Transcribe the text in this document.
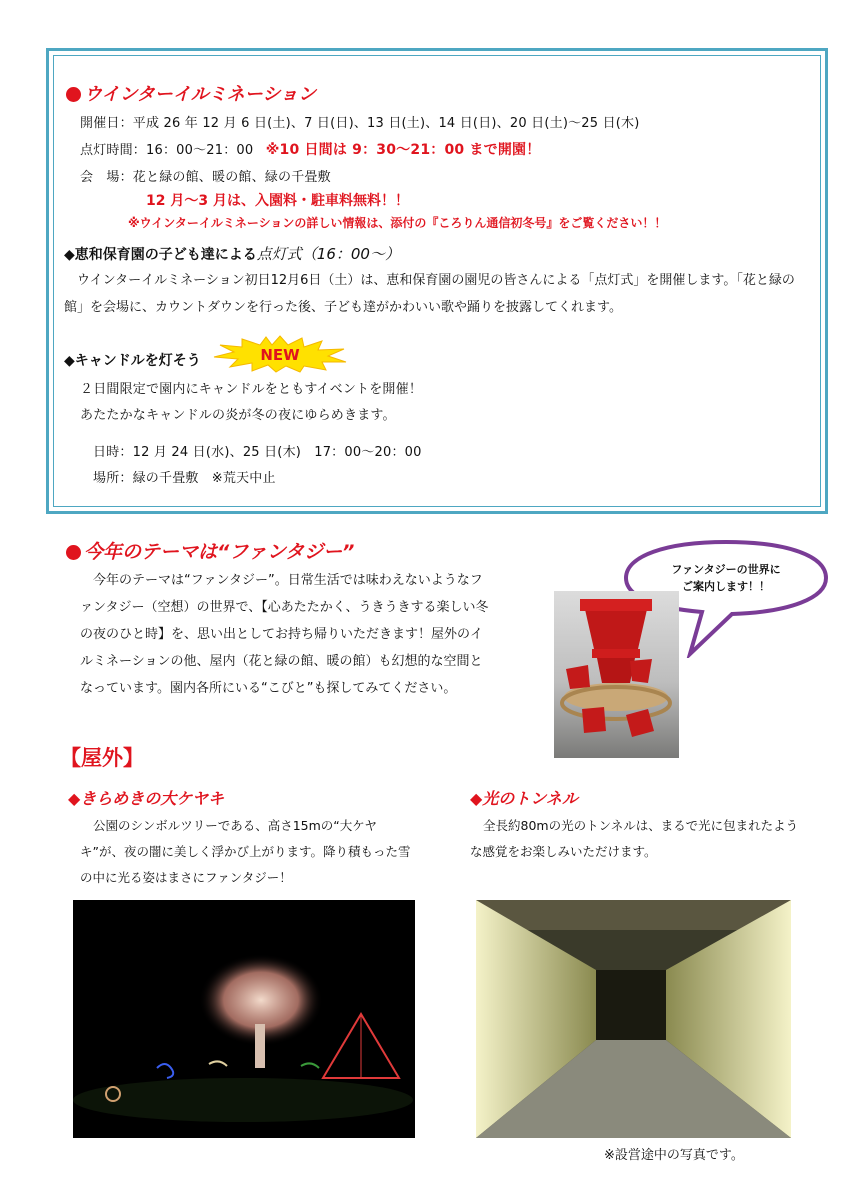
ウインターイルミネーション
開催日：平成 26 年 12 月 6 日(土)、7 日(日)、13 日(土)、14 日(日)、20 日(土)～25 日(木)
点灯時間：16：00～21：00 ※10 日間は 9：30～21：00 まで開園！
会　場：花と緑の館、暖の館、緑の千畳敷
12 月～3 月は、入園料・駐車料無料！！
※ウインターイルミネーションの詳しい情報は、添付の『ころりん通信初冬号』をご覧ください！！
◆恵和保育園の子ども達による点灯式（16：00～）
ウインターイルミネーション初日12月6日（土）は、恵和保育園の園児の皆さんによる「点灯式」を開催します。「花と緑の館」を会場に、カウントダウンを行った後、子ども達がかわいい歌や踊りを披露してくれます。
◆キャンドルを灯そう	NEW
２日間限定で園内にキャンドルをともすイベントを開催！
あたたかなキャンドルの炎が冬の夜にゆらめきます。
日時：12 月 24 日(水)、25 日(木)　17：00～20：00
場所：緑の千畳敷　※荒天中止
今年のテーマは“ファンタジー”
今年のテーマは“ファンタジー”。日常生活では味わえないようなファンタジー（空想）の世界で、【心あたたかく、うきうきする楽しい冬の夜のひと時】を、思い出としてお持ち帰りいただきます！屋外のイルミネーションの他、屋内（花と緑の館、暖の館）も幻想的な空間となっています。園内各所にいる“こびと”も探してみてください。
ファンタジーの世界に
ご案内します！！
【屋外】
◆きらめきの大ケヤキ
公園のシンボルツリーである、高さ15mの“大ケヤキ”が、夜の闇に美しく浮かび上がります。降り積もった雪の中に光る姿はまさにファンタジー！
◆光のトンネル
全長約80mの光のトンネルは、まるで光に包まれたような感覚をお楽しみいただけます。
※設営途中の写真です。
